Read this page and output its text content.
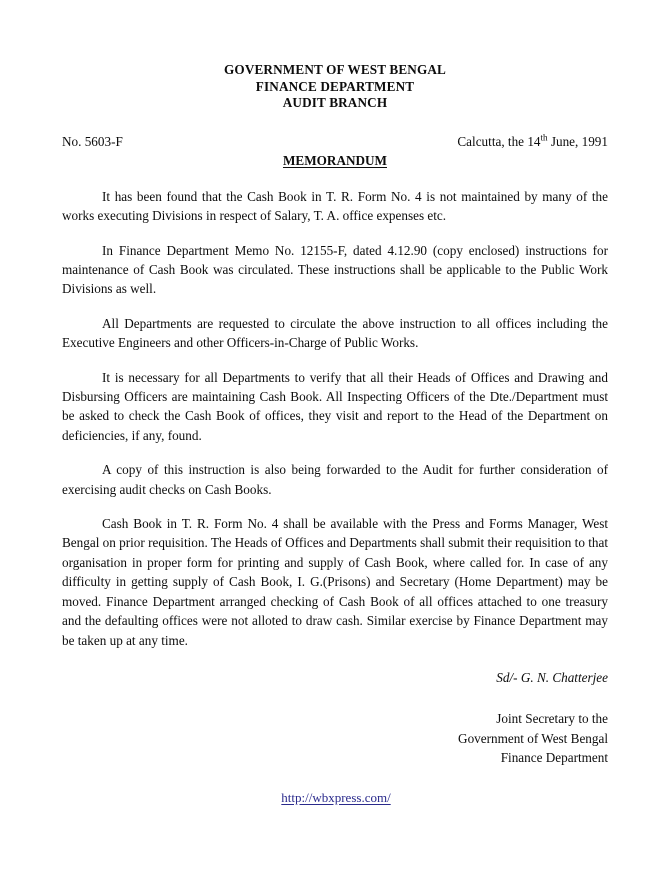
GOVERNMENT OF WEST BENGAL
FINANCE DEPARTMENT
AUDIT BRANCH
No. 5603-F	Calcutta, the 14th June, 1991
MEMORANDUM

It has been found that the Cash Book in T. R. Form No. 4 is not maintained by many of the works executing Divisions in respect of Salary, T. A. office expenses etc.

In Finance Department Memo No. 12155-F, dated 4.12.90 (copy enclosed) instructions for maintenance of Cash Book was circulated. These instructions shall be applicable to the Public Work Divisions as well.

All Departments are requested to circulate the above instruction to all offices including the Executive Engineers and other Officers-in-Charge of Public Works.

It is necessary for all Departments to verify that all their Heads of Offices and Drawing and Disbursing Officers are maintaining Cash Book. All Inspecting Officers of the Dte./Department must be asked to check the Cash Book of offices, they visit and report to the Head of the Department on deficiencies, if any, found.

A copy of this instruction is also being forwarded to the Audit for further consideration of exercising audit checks on Cash Books.

Cash Book in T. R. Form No. 4 shall be available with the Press and Forms Manager, West Bengal on prior requisition. The Heads of Offices and Departments shall submit their requisition to that organisation in proper form for printing and supply of Cash Book, where called for. In case of any difficulty in getting supply of Cash Book, I. G.(Prisons) and Secretary (Home Department) may be moved. Finance Department arranged checking of Cash Book of all offices attached to one treasury and the defaulting offices were not alloted to draw cash. Similar exercise by Finance Department may be taken up at any time.

Sd/- G. N. Chatterjee
Joint Secretary to the
Government of West Bengal
Finance Department
http://wbxpress.com/
